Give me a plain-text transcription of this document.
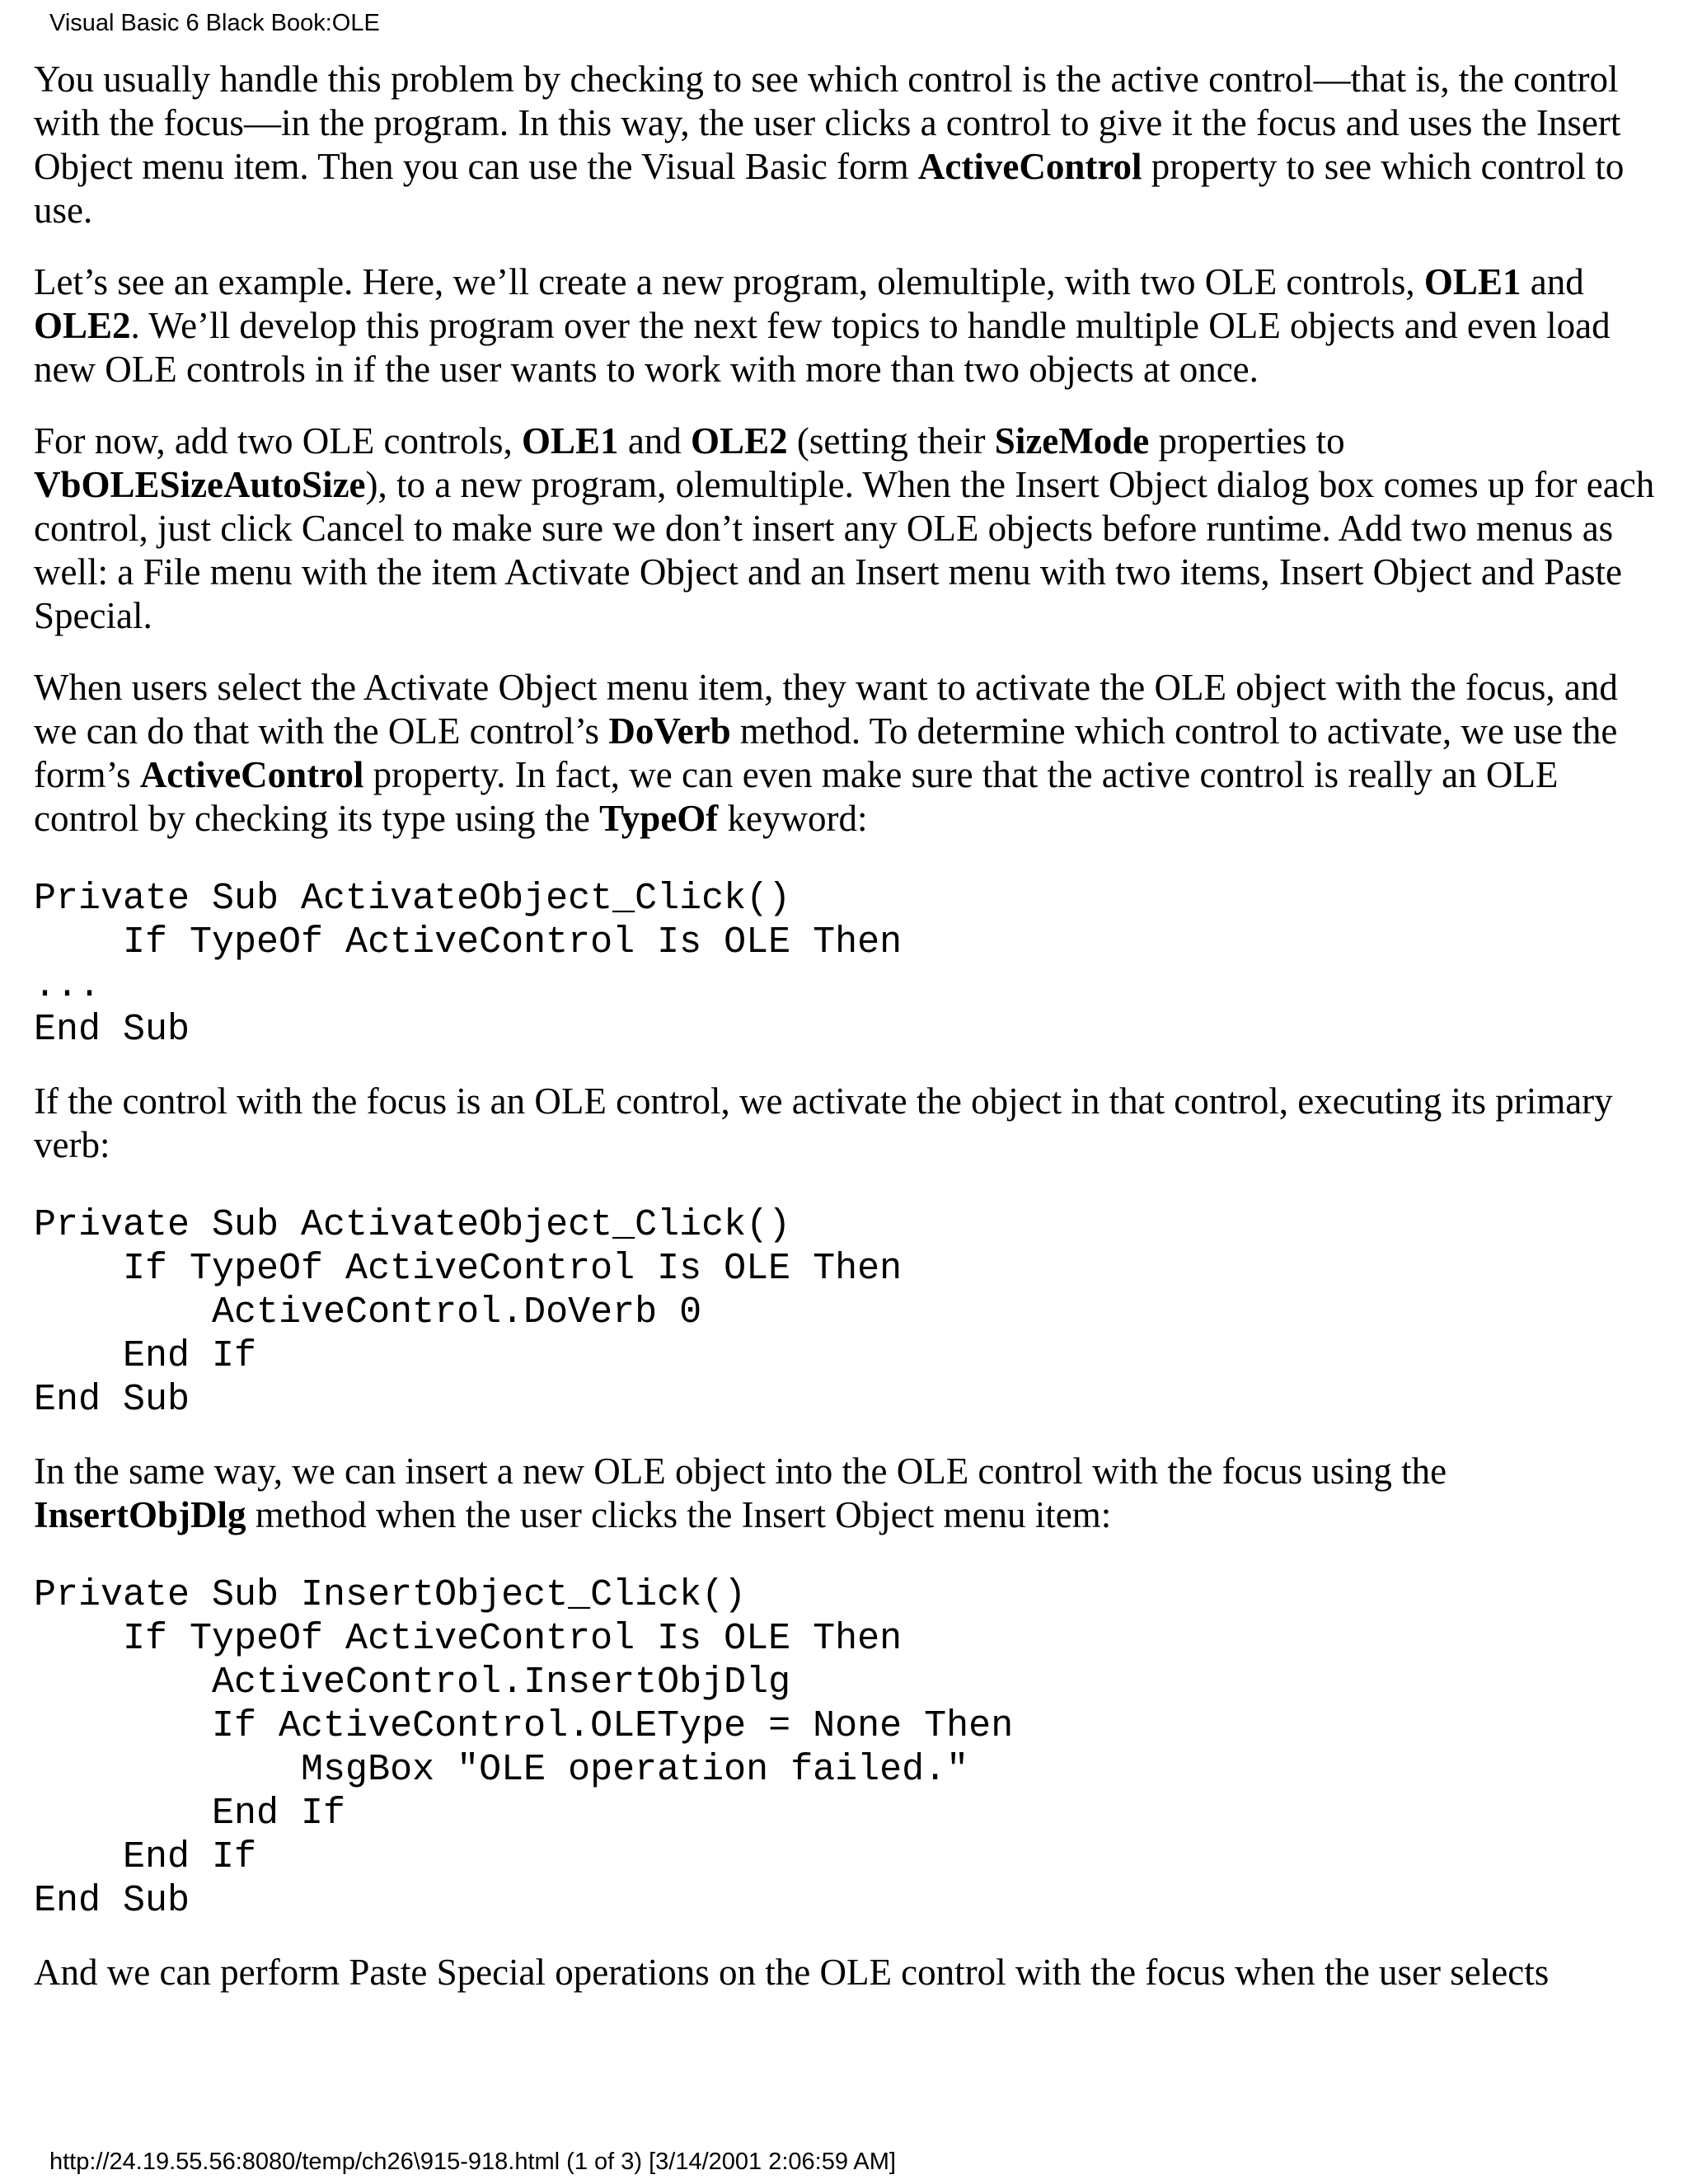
Visual Basic 6 Black Book:OLE

You usually handle this problem by checking to see which control is the active control—that is, the control with the focus—in the program. In this way, the user clicks a control to give it the focus and uses the Insert Object menu item. Then you can use the Visual Basic form ActiveControl property to see which control to use.

Let’s see an example. Here, we’ll create a new program, olemultiple, with two OLE controls, OLE1 and OLE2. We’ll develop this program over the next few topics to handle multiple OLE objects and even load new OLE controls in if the user wants to work with more than two objects at once.

For now, add two OLE controls, OLE1 and OLE2 (setting their SizeMode properties to VbOLESizeAutoSize), to a new program, olemultiple. When the Insert Object dialog box comes up for each control, just click Cancel to make sure we don’t insert any OLE objects before runtime. Add two menus as well: a File menu with the item Activate Object and an Insert menu with two items, Insert Object and Paste Special.

When users select the Activate Object menu item, they want to activate the OLE object with the focus, and we can do that with the OLE control’s DoVerb method. To determine which control to activate, we use the form’s ActiveControl property. In fact, we can even make sure that the active control is really an OLE control by checking its type using the TypeOf keyword:

Private Sub ActivateObject_Click()
If TypeOf ActiveControl Is OLE Then
...
End Sub

If the control with the focus is an OLE control, we activate the object in that control, executing its primary verb:

Private Sub ActivateObject_Click()
If TypeOf ActiveControl Is OLE Then
ActiveControl.DoVerb 0
End If
End Sub

In the same way, we can insert a new OLE object into the OLE control with the focus using the InsertObjDlg method when the user clicks the Insert Object menu item:

Private Sub InsertObject_Click()
If TypeOf ActiveControl Is OLE Then
ActiveControl.InsertObjDlg
If ActiveControl.OLEType = None Then
MsgBox "OLE operation failed."
End If
End If
End Sub

And we can perform Paste Special operations on the OLE control with the focus when the user selects

http://24.19.55.56:8080/temp/ch26\915-918.html (1 of 3) [3/14/2001 2:06:59 AM]
